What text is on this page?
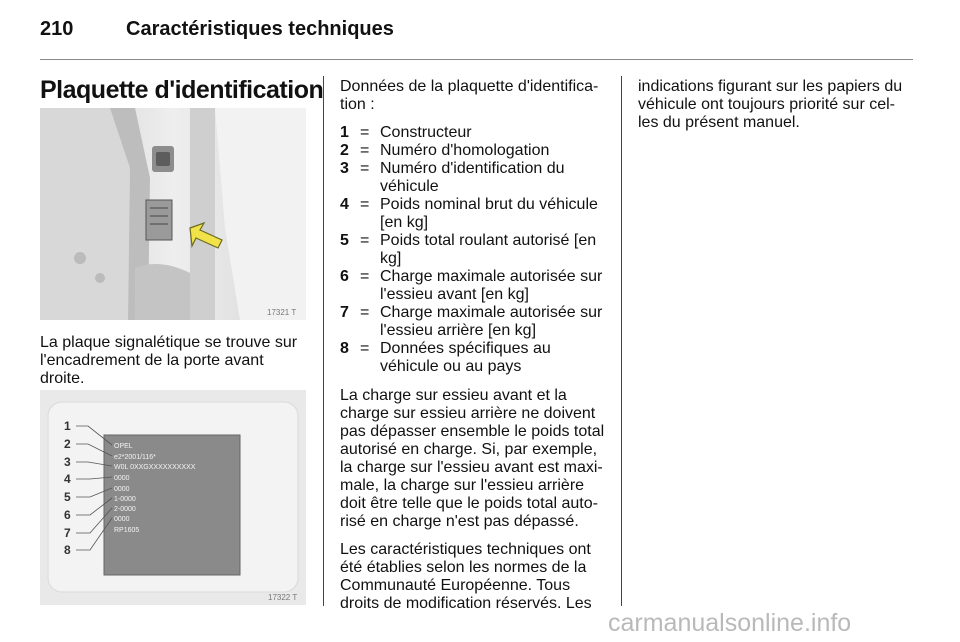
210	Caractéristiques techniques
Plaquette d'identification
17321 T

La plaque signalétique se trouve sur l'encadrement de la porte avant droite.

OPEL
e2*2001/116*
W0L 0XXGXXXXXXXXXX
0000
0000
1-0000
2-0000
0000
RP1605
1
2
3
4
5
6
7
8
17322 T

Données de la plaquette d'identifica-tion :

1 = Constructeur
2 = Numéro d'homologation
3 = Numéro d'identification du véhicule
4 = Poids nominal brut du véhicule [en kg]
5 = Poids total roulant autorisé [en kg]
6 = Charge maximale autorisée sur l'essieu avant [en kg]
7 = Charge maximale autorisée sur l'essieu arrière [en kg]
8 = Données spécifiques au véhicule ou au pays

La charge sur essieu avant et la charge sur essieu arrière ne doivent pas dépasser ensemble le poids total autorisé en charge. Si, par exemple, la charge sur l'essieu avant est maxi-male, la charge sur l'essieu arrière doit être telle que le poids total auto-risé en charge n'est pas dépassé.

Les caractéristiques techniques ont été établies selon les normes de la Communauté Européenne. Tous droits de modification réservés. Les

indications figurant sur les papiers du véhicule ont toujours priorité sur cel-les du présent manuel.

carmanualsonline.info
